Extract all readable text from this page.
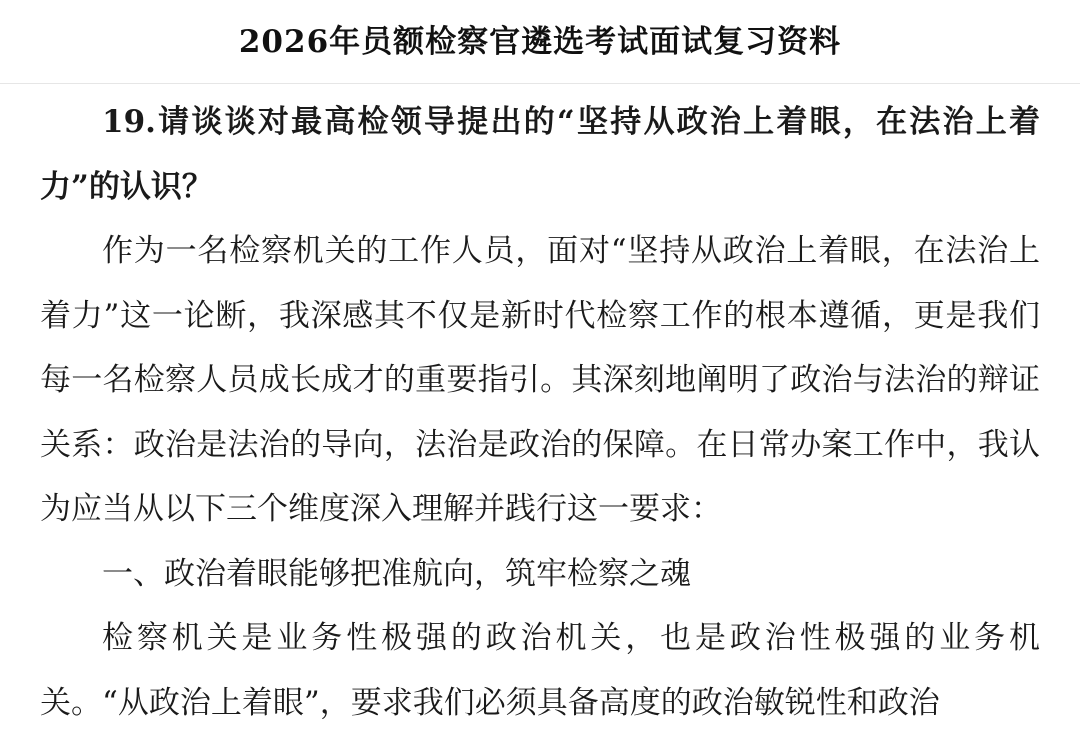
2026年员额检察官遴选考试面试复习资料

19.请谈谈对最高检领导提出的“坚持从政治上着眼，在法治上着力”的认识？

作为一名检察机关的工作人员，面对“坚持从政治上着眼，在法治上着力”这一论断，我深感其不仅是新时代检察工作的根本遵循，更是我们每一名检察人员成长成才的重要指引。其深刻地阐明了政治与法治的辩证关系：政治是法治的导向，法治是政治的保障。在日常办案工作中，我认为应当从以下三个维度深入理解并践行这一要求：

一、政治着眼能够把准航向，筑牢检察之魂

检察机关是业务性极强的政治机关，也是政治性极强的业务机关。“从政治上着眼”，要求我们必须具备高度的政治敏锐性和政治
